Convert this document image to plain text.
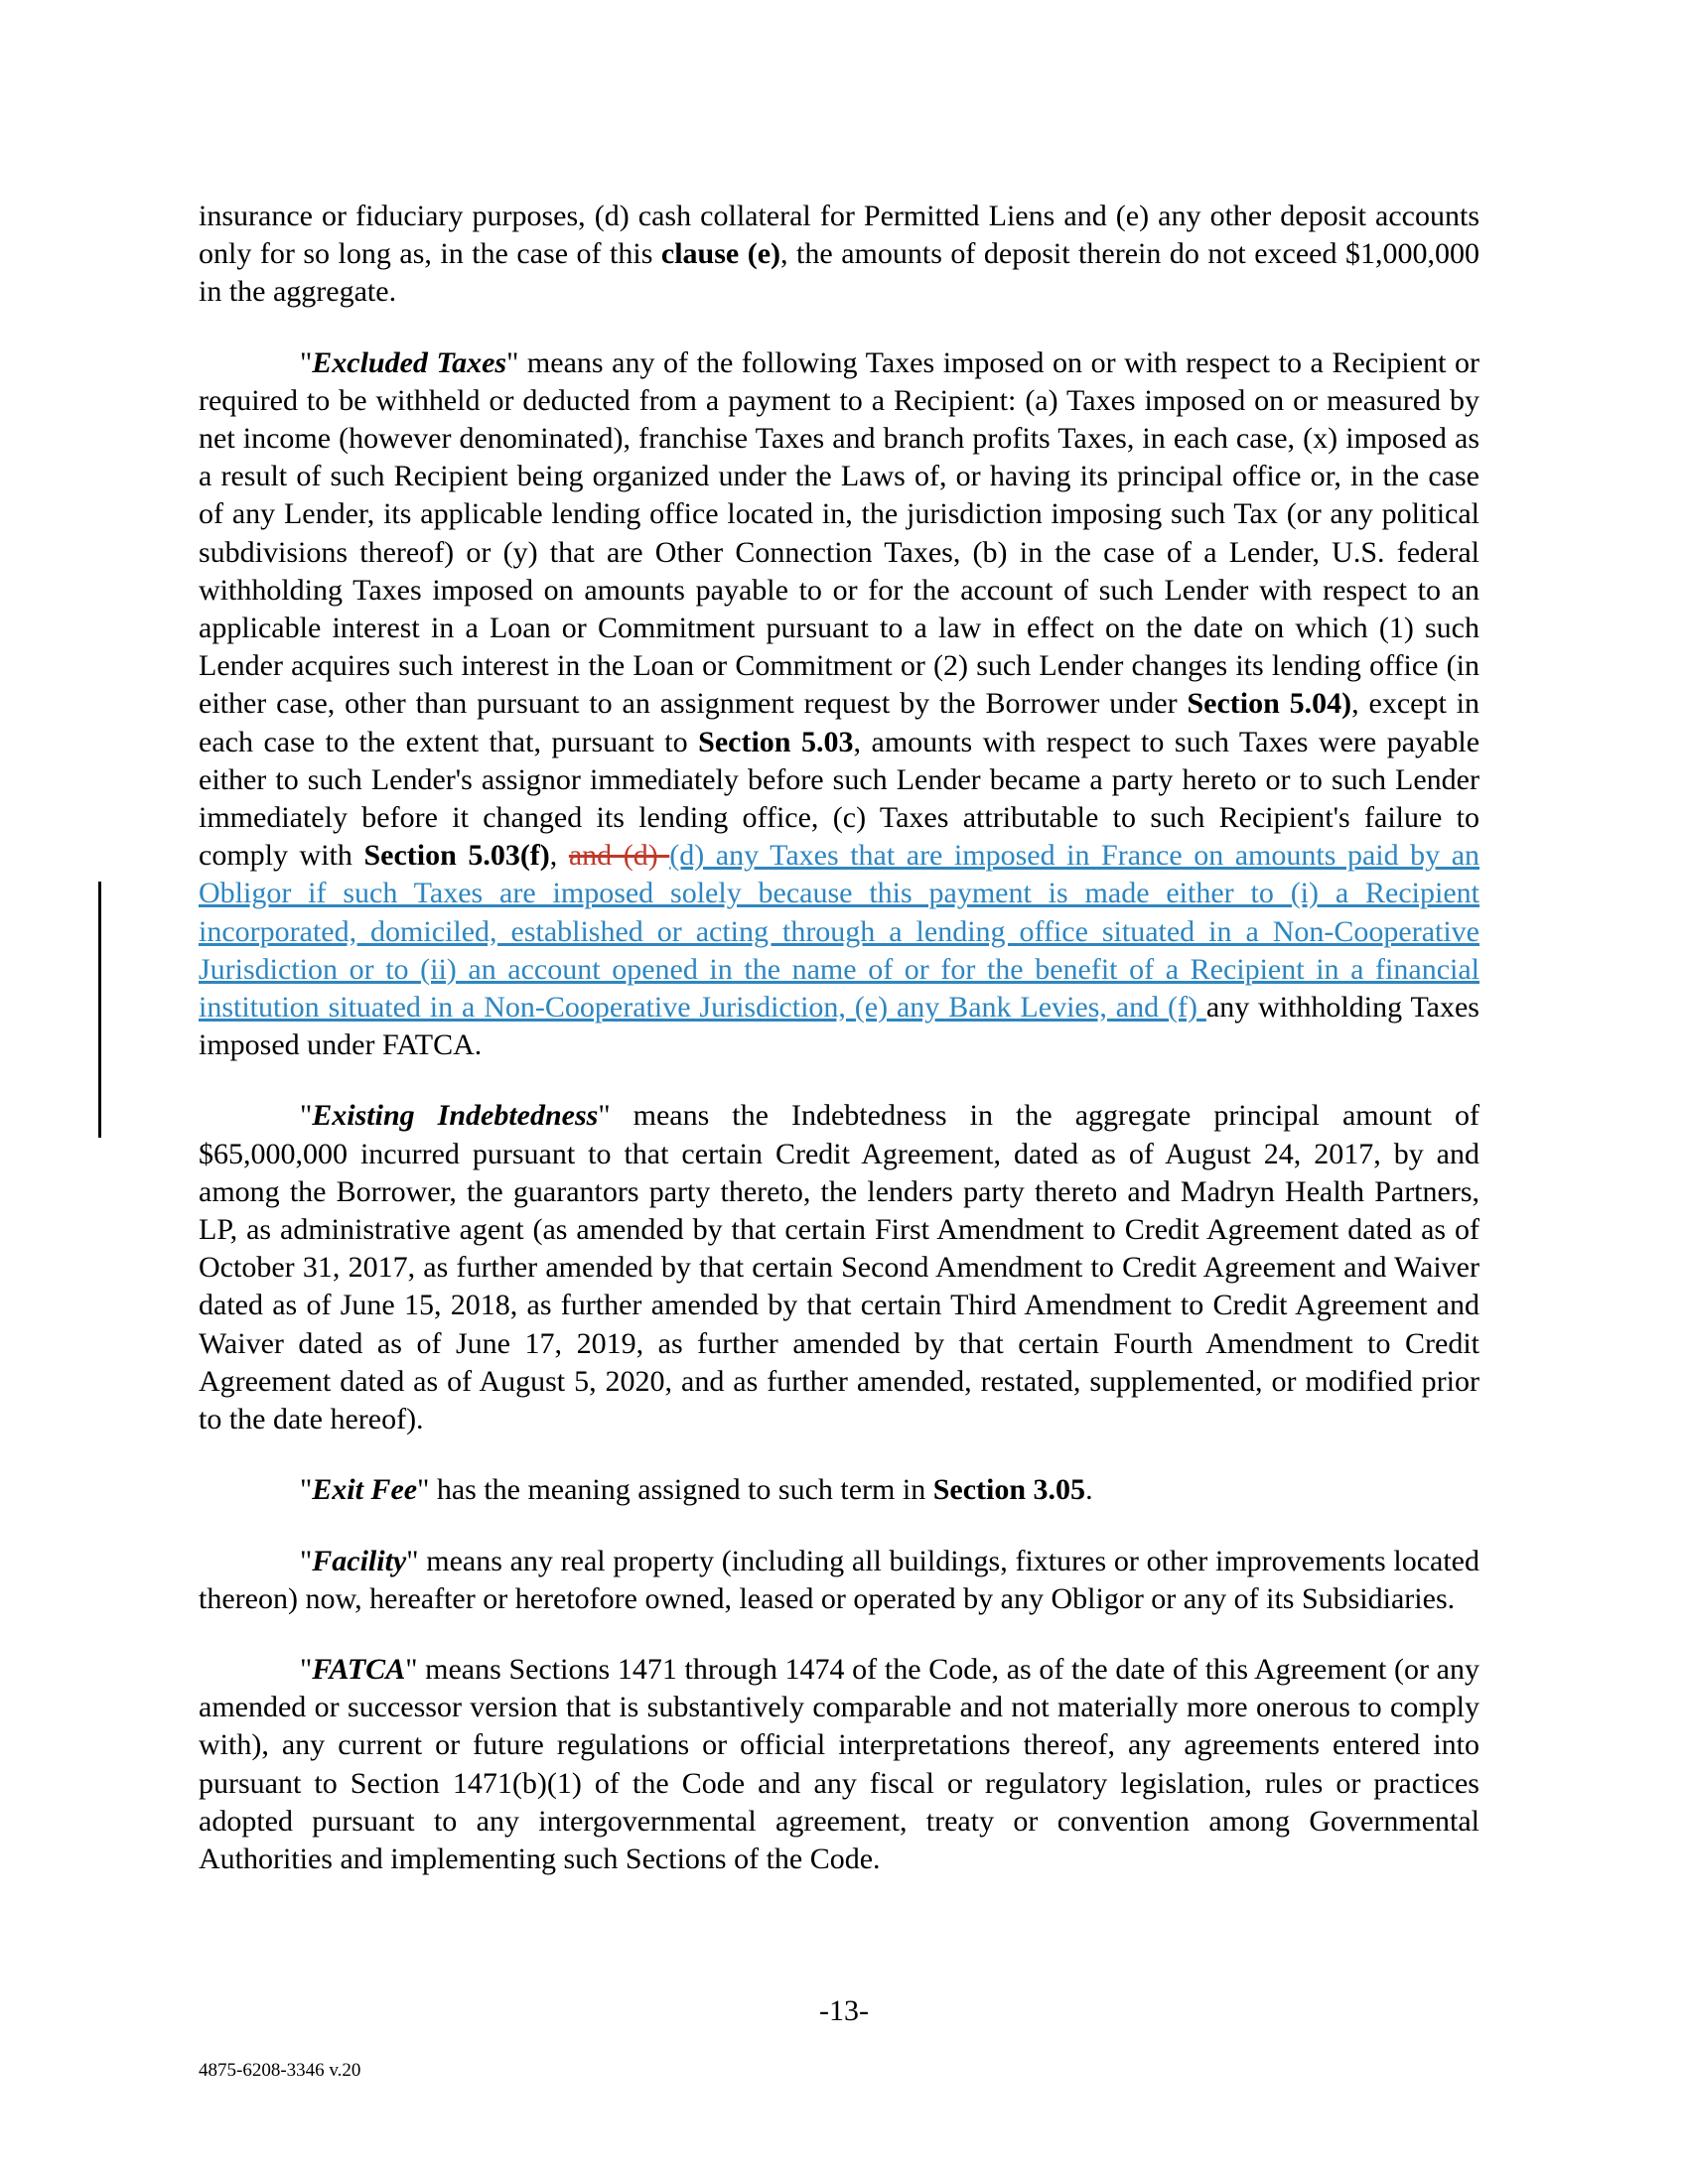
insurance or fiduciary purposes, (d) cash collateral for Permitted Liens and (e) any other deposit accounts only for so long as, in the case of this clause (e), the amounts of deposit therein do not exceed $1,000,000 in the aggregate.

"Excluded Taxes" means any of the following Taxes imposed on or with respect to a Recipient or required to be withheld or deducted from a payment to a Recipient: (a) Taxes imposed on or measured by net income (however denominated), franchise Taxes and branch profits Taxes, in each case, (x) imposed as a result of such Recipient being organized under the Laws of, or having its principal office or, in the case of any Lender, its applicable lending office located in, the jurisdiction imposing such Tax (or any political subdivisions thereof) or (y) that are Other Connection Taxes, (b) in the case of a Lender, U.S. federal withholding Taxes imposed on amounts payable to or for the account of such Lender with respect to an applicable interest in a Loan or Commitment pursuant to a law in effect on the date on which (1) such Lender acquires such interest in the Loan or Commitment or (2) such Lender changes its lending office (in either case, other than pursuant to an assignment request by the Borrower under Section 5.04), except in each case to the extent that, pursuant to Section 5.03, amounts with respect to such Taxes were payable either to such Lender's assignor immediately before such Lender became a party hereto or to such Lender immediately before it changed its lending office, (c) Taxes attributable to such Recipient's failure to comply with Section 5.03(f), and (d) (d) any Taxes that are imposed in France on amounts paid by an Obligor if such Taxes are imposed solely because this payment is made either to (i) a Recipient incorporated, domiciled, established or acting through a lending office situated in a Non-Cooperative Jurisdiction or to (ii) an account opened in the name of or for the benefit of a Recipient in a financial institution situated in a Non-Cooperative Jurisdiction, (e) any Bank Levies, and (f) any withholding Taxes imposed under FATCA.

"Existing Indebtedness" means the Indebtedness in the aggregate principal amount of $65,000,000 incurred pursuant to that certain Credit Agreement, dated as of August 24, 2017, by and among the Borrower, the guarantors party thereto, the lenders party thereto and Madryn Health Partners, LP, as administrative agent (as amended by that certain First Amendment to Credit Agreement dated as of October 31, 2017, as further amended by that certain Second Amendment to Credit Agreement and Waiver dated as of June 15, 2018, as further amended by that certain Third Amendment to Credit Agreement and Waiver dated as of June 17, 2019, as further amended by that certain Fourth Amendment to Credit Agreement dated as of August 5, 2020, and as further amended, restated, supplemented, or modified prior to the date hereof).

"Exit Fee" has the meaning assigned to such term in Section 3.05.

"Facility" means any real property (including all buildings, fixtures or other improvements located thereon) now, hereafter or heretofore owned, leased or operated by any Obligor or any of its Subsidiaries.

"FATCA" means Sections 1471 through 1474 of the Code, as of the date of this Agreement (or any amended or successor version that is substantively comparable and not materially more onerous to comply with), any current or future regulations or official interpretations thereof, any agreements entered into pursuant to Section 1471(b)(1) of the Code and any fiscal or regulatory legislation, rules or practices adopted pursuant to any intergovernmental agreement, treaty or convention among Governmental Authorities and implementing such Sections of the Code.

-13-
4875-6208-3346 v.20
